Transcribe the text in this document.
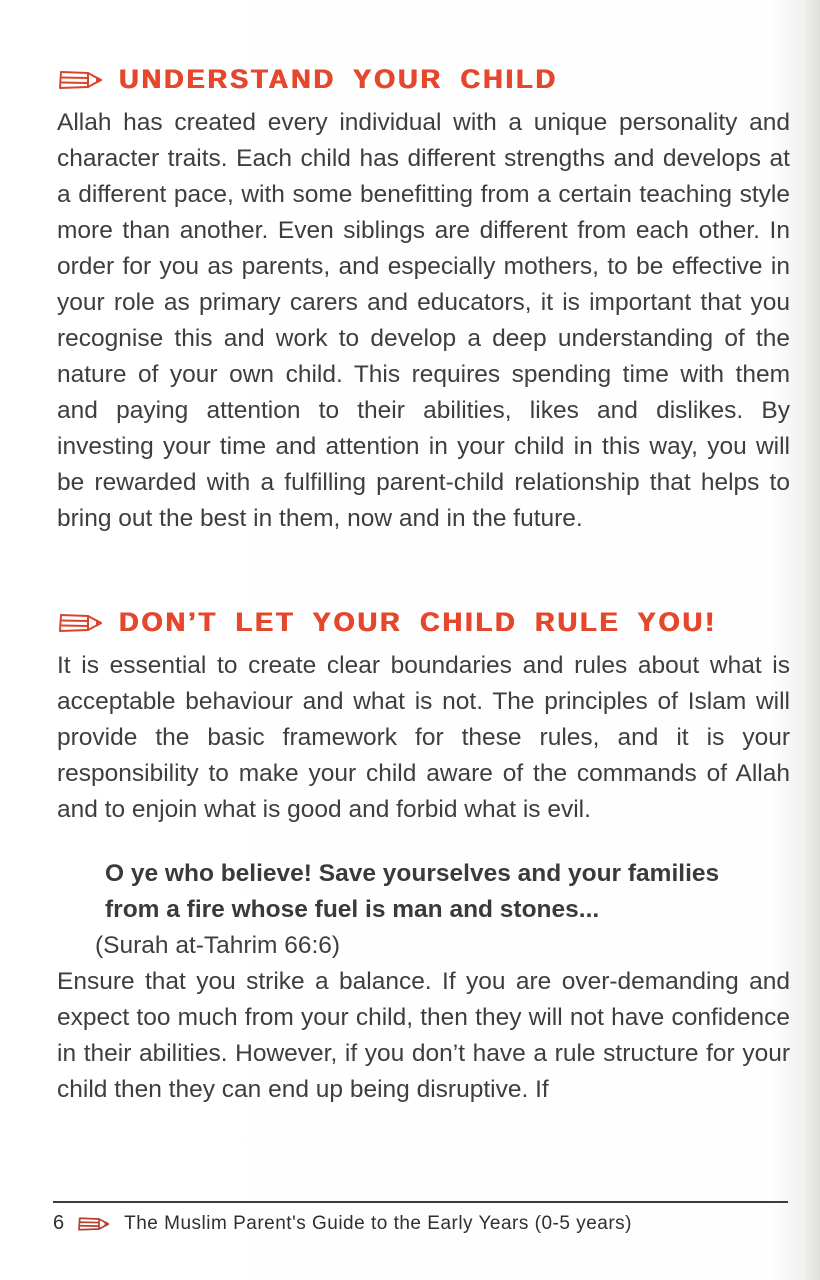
UNDERSTAND YOUR CHILD

Allah has created every individual with a unique personality and character traits. Each child has different strengths and develops at a different pace, with some benefitting from a certain teaching style more than another. Even siblings are different from each other. In order for you as parents, and especially mothers, to be effective in your role as primary carers and educators, it is important that you recognise this and work to develop a deep understanding of the nature of your own child. This requires spending time with them and paying attention to their abilities, likes and dislikes. By investing your time and attention in your child in this way, you will be rewarded with a fulfilling parent-child relationship that helps to bring out the best in them, now and in the future.

DON’T LET YOUR CHILD RULE YOU!

It is essential to create clear boundaries and rules about what is acceptable behaviour and what is not. The principles of Islam will provide the basic framework for these rules, and it is your responsibility to make your child aware of the commands of Allah and to enjoin what is good and forbid what is evil.

O ye who believe! Save yourselves and your families from a fire whose fuel is man and stones...

(Surah at-Tahrim 66:6)

Ensure that you strike a balance. If you are over-demanding and expect too much from your child, then they will not have confidence in their abilities. However, if you don’t have a rule structure for your child then they can end up being disruptive. If

6	The Muslim Parent's Guide to the Early Years (0-5 years)
